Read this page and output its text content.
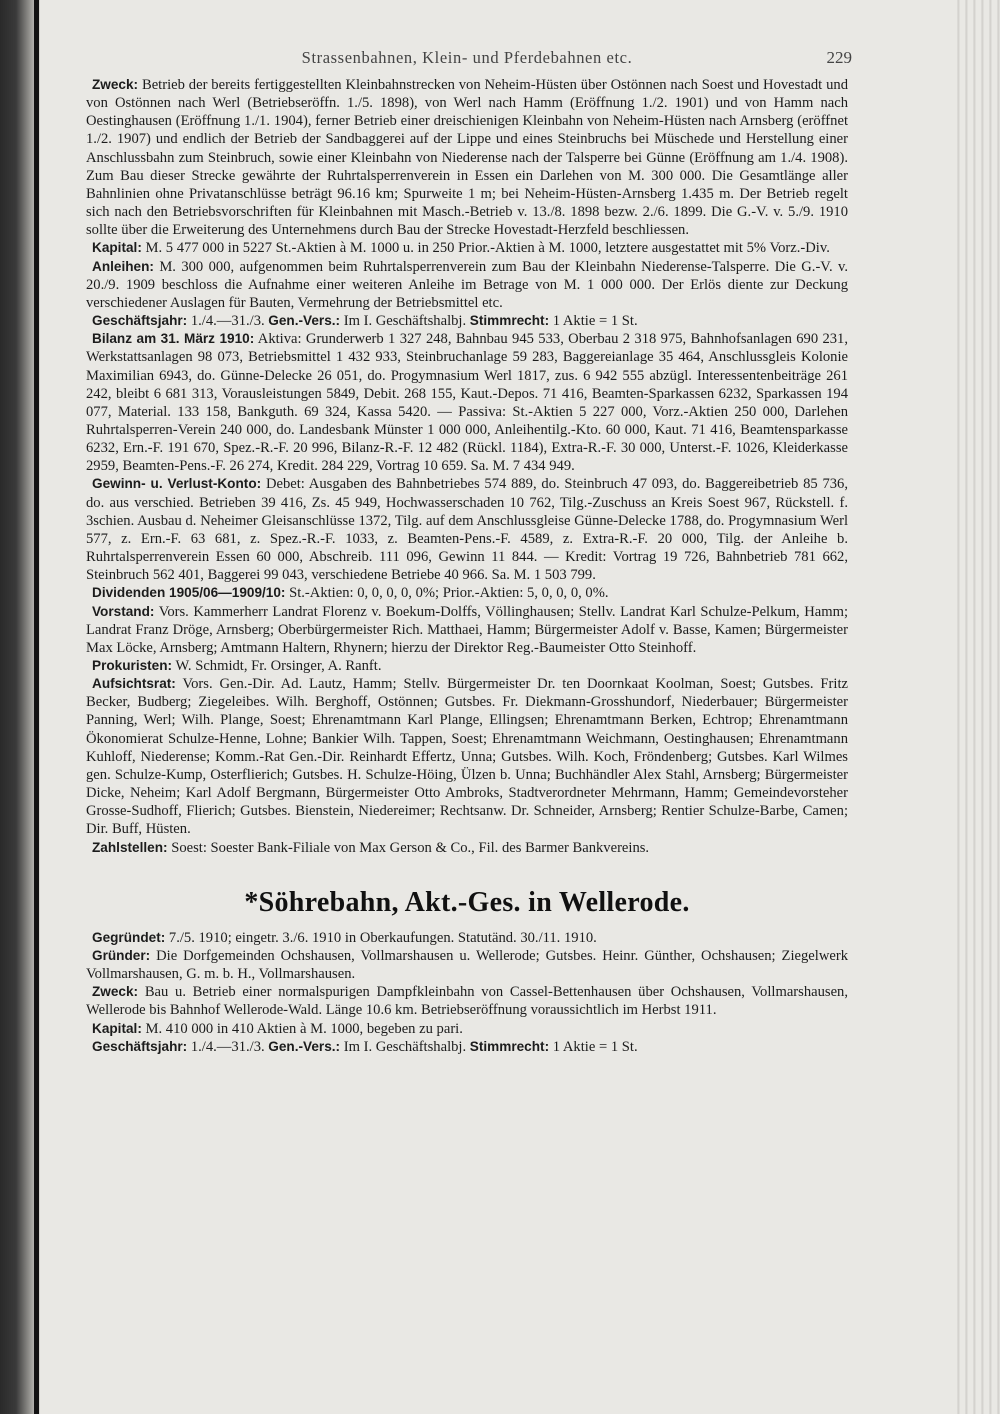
Strassenbahnen, Klein- und Pferdebahnen etc.	229

Zweck: Betrieb der bereits fertiggestellten Kleinbahnstrecken von Neheim-Hüsten über Ostönnen nach Soest und Hovestadt und von Ostönnen nach Werl (Betriebseröffn. 1./5. 1898), von Werl nach Hamm (Eröffnung 1./2. 1901) und von Hamm nach Oestinghausen (Eröffnung 1./1. 1904), ferner Betrieb einer dreischienigen Kleinbahn von Neheim-Hüsten nach Arnsberg (eröffnet 1./2. 1907) und endlich der Betrieb der Sandbaggerei auf der Lippe und eines Steinbruchs bei Müschede und Herstellung einer Anschlussbahn zum Steinbruch, sowie einer Kleinbahn von Niederense nach der Talsperre bei Günne (Eröffnung am 1./4. 1908). Zum Bau dieser Strecke gewährte der Ruhrtalsperrenverein in Essen ein Darlehen von M. 300 000. Die Gesamtlänge aller Bahnlinien ohne Privatanschlüsse beträgt 96.16 km; Spurweite 1 m; bei Neheim-Hüsten-Arnsberg 1.435 m. Der Betrieb regelt sich nach den Betriebsvorschriften für Kleinbahnen mit Masch.-Betrieb v. 13./8. 1898 bezw. 2./6. 1899. Die G.-V. v. 5./9. 1910 sollte über die Erweiterung des Unternehmens durch Bau der Strecke Hovestadt-Herzfeld beschliessen.

Kapital: M. 5 477 000 in 5227 St.-Aktien à M. 1000 u. in 250 Prior.-Aktien à M. 1000, letztere ausgestattet mit 5% Vorz.-Div.

Anleihen: M. 300 000, aufgenommen beim Ruhrtalsperrenverein zum Bau der Kleinbahn Niederense-Talsperre. Die G.-V. v. 20./9. 1909 beschloss die Aufnahme einer weiteren Anleihe im Betrage von M. 1 000 000. Der Erlös diente zur Deckung verschiedener Auslagen für Bauten, Vermehrung der Betriebsmittel etc.

Geschäftsjahr: 1./4.—31./3. Gen.-Vers.: Im I. Geschäftshalbj. Stimmrecht: 1 Aktie = 1 St.

Bilanz am 31. März 1910: Aktiva: Grunderwerb 1 327 248, Bahnbau 945 533, Oberbau 2 318 975, Bahnhofsanlagen 690 231, Werkstattsanlagen 98 073, Betriebsmittel 1 432 933, Steinbruchanlage 59 283, Baggereianlage 35 464, Anschlussgleis Kolonie Maximilian 6943, do. Günne-Delecke 26 051, do. Progymnasium Werl 1817, zus. 6 942 555 abzügl. Interessentenbeiträge 261 242, bleibt 6 681 313, Vorausleistungen 5849, Debit. 268 155, Kaut.-Depos. 71 416, Beamten-Sparkassen 6232, Sparkassen 194 077, Material. 133 158, Bankguth. 69 324, Kassa 5420. — Passiva: St.-Aktien 5 227 000, Vorz.-Aktien 250 000, Darlehen Ruhrtalsperren-Verein 240 000, do. Landesbank Münster 1 000 000, Anleihentilg.-Kto. 60 000, Kaut. 71 416, Beamtensparkasse 6232, Ern.-F. 191 670, Spez.-R.-F. 20 996, Bilanz-R.-F. 12 482 (Rückl. 1184), Extra-R.-F. 30 000, Unterst.-F. 1026, Kleiderkasse 2959, Beamten-Pens.-F. 26 274, Kredit. 284 229, Vortrag 10 659. Sa. M. 7 434 949.

Gewinn- u. Verlust-Konto: Debet: Ausgaben des Bahnbetriebes 574 889, do. Steinbruch 47 093, do. Baggereibetrieb 85 736, do. aus verschied. Betrieben 39 416, Zs. 45 949, Hochwasserschaden 10 762, Tilg.-Zuschuss an Kreis Soest 967, Rückstell. f. 3schien. Ausbau d. Neheimer Gleisanschlüsse 1372, Tilg. auf dem Anschlussgleise Günne-Delecke 1788, do. Progymnasium Werl 577, z. Ern.-F. 63 681, z. Spez.-R.-F. 1033, z. Beamten-Pens.-F. 4589, z. Extra-R.-F. 20 000, Tilg. der Anleihe b. Ruhrtalsperrenverein Essen 60 000, Abschreib. 111 096, Gewinn 11 844. — Kredit: Vortrag 19 726, Bahnbetrieb 781 662, Steinbruch 562 401, Baggerei 99 043, verschiedene Betriebe 40 966. Sa. M. 1 503 799.

Dividenden 1905/06—1909/10: St.-Aktien: 0, 0, 0, 0, 0%; Prior.-Aktien: 5, 0, 0, 0, 0%.

Vorstand: Vors. Kammerherr Landrat Florenz v. Boekum-Dolffs, Völlinghausen; Stellv. Landrat Karl Schulze-Pelkum, Hamm; Landrat Franz Dröge, Arnsberg; Oberbürgermeister Rich. Matthaei, Hamm; Bürgermeister Adolf v. Basse, Kamen; Bürgermeister Max Löcke, Arnsberg; Amtmann Haltern, Rhynern; hierzu der Direktor Reg.-Baumeister Otto Steinhoff.

Prokuristen: W. Schmidt, Fr. Orsinger, A. Ranft.

Aufsichtsrat: Vors. Gen.-Dir. Ad. Lautz, Hamm; Stellv. Bürgermeister Dr. ten Doornkaat Koolman, Soest; Gutsbes. Fritz Becker, Budberg; Ziegeleibes. Wilh. Berghoff, Ostönnen; Gutsbes. Fr. Diekmann-Grosshundorf, Niederbauer; Bürgermeister Panning, Werl; Wilh. Plange, Soest; Ehrenamtmann Karl Plange, Ellingsen; Ehrenamtmann Berken, Echtrop; Ehrenamtmann Ökonomierat Schulze-Henne, Lohne; Bankier Wilh. Tappen, Soest; Ehrenamtmann Weichmann, Oestinghausen; Ehrenamtmann Kuhloff, Niederense; Komm.-Rat Gen.-Dir. Reinhardt Effertz, Unna; Gutsbes. Wilh. Koch, Fröndenberg; Gutsbes. Karl Wilmes gen. Schulze-Kump, Osterflierich; Gutsbes. H. Schulze-Höing, Ülzen b. Unna; Buchhändler Alex Stahl, Arnsberg; Bürgermeister Dicke, Neheim; Karl Adolf Bergmann, Bürgermeister Otto Ambroks, Stadtverordneter Mehrmann, Hamm; Gemeindevorsteher Grosse-Sudhoff, Flierich; Gutsbes. Bienstein, Niedereimer; Rechtsanw. Dr. Schneider, Arnsberg; Rentier Schulze-Barbe, Camen; Dir. Buff, Hüsten.

Zahlstellen: Soest: Soester Bank-Filiale von Max Gerson & Co., Fil. des Barmer Bankvereins.

*Söhrebahn, Akt.-Ges. in Wellerode.

Gegründet: 7./5. 1910; eingetr. 3./6. 1910 in Oberkaufungen. Statutänd. 30./11. 1910.

Gründer: Die Dorfgemeinden Ochshausen, Vollmarshausen u. Wellerode; Gutsbes. Heinr. Günther, Ochshausen; Ziegelwerk Vollmarshausen, G. m. b. H., Vollmarshausen.

Zweck: Bau u. Betrieb einer normalspurigen Dampfkleinbahn von Cassel-Bettenhausen über Ochshausen, Vollmarshausen, Wellerode bis Bahnhof Wellerode-Wald. Länge 10.6 km. Betriebseröffnung voraussichtlich im Herbst 1911.

Kapital: M. 410 000 in 410 Aktien à M. 1000, begeben zu pari.

Geschäftsjahr: 1./4.—31./3. Gen.-Vers.: Im I. Geschäftshalbj. Stimmrecht: 1 Aktie = 1 St.
